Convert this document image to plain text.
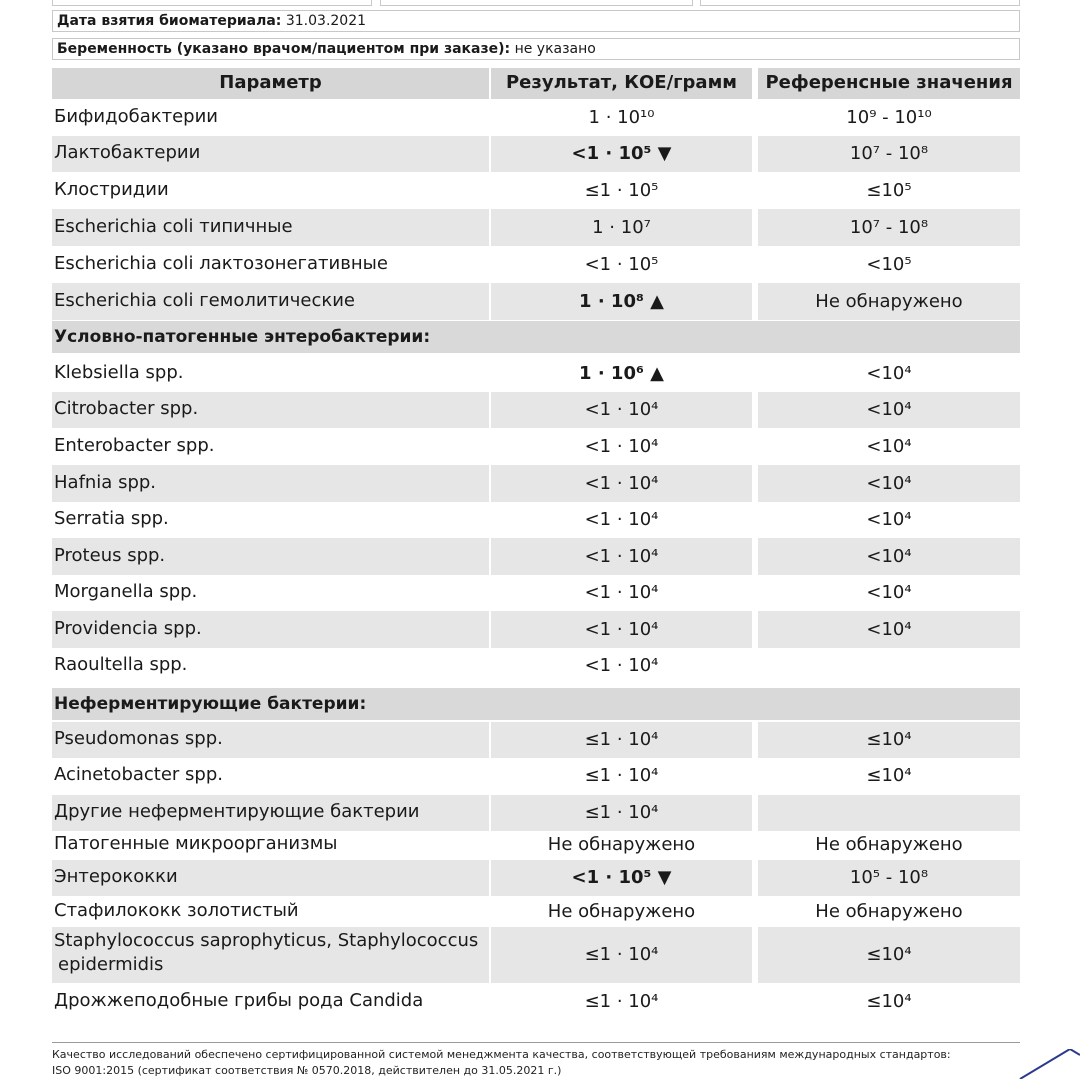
Дата взятия биоматериала: 31.03.2021
Беременность (указано врачом/пациентом при заказе): не указано
Параметр	Результат, КОЕ/грамм	Референсные значения
Бифидобактерии	1 · 10¹⁰	10⁹ - 10¹⁰
Лактобактерии	<1 · 10⁵ ▼	10⁷ - 10⁸
Клостридии	≤1 · 10⁵	≤10⁵
Escherichia coli типичные	1 · 10⁷	10⁷ - 10⁸
Escherichia coli лактозонегативные	<1 · 10⁵	<10⁵
Escherichia coli гемолитические	1 · 10⁸ ▲	Не обнаружено
Условно-патогенные энтеробактерии:
Klebsiella spp.	1 · 10⁶ ▲	<10⁴
Citrobacter spp.	<1 · 10⁴	<10⁴
Enterobacter spp.	<1 · 10⁴	<10⁴
Hafnia spp.	<1 · 10⁴	<10⁴
Serratia spp.	<1 · 10⁴	<10⁴
Proteus spp.	<1 · 10⁴	<10⁴
Morganella spp.	<1 · 10⁴	<10⁴
Providencia spp.	<1 · 10⁴	<10⁴
Raoultella spp.	<1 · 10⁴
Неферментирующие бактерии:
Pseudomonas spp.	≤1 · 10⁴	≤10⁴
Acinetobacter spp.	≤1 · 10⁴	≤10⁴
Другие неферментирующие бактерии	≤1 · 10⁴
Патогенные микроорганизмы	Не обнаружено	Не обнаружено
Энтерококки	<1 · 10⁵ ▼	10⁵ - 10⁸
Стафилококк золотистый	Не обнаружено	Не обнаружено
Staphylococcus saprophyticus, Staphylococcus
epidermidis	≤1 · 10⁴	≤10⁴
Дрожжеподобные грибы рода Candida	≤1 · 10⁴	≤10⁴
Качество исследований обеспечено сертифицированной системой менеджмента качества, соответствующей требованиям международных стандартов:
ISO 9001:2015 (сертификат соответствия № 0570.2018, действителен до 31.05.2021 г.)
